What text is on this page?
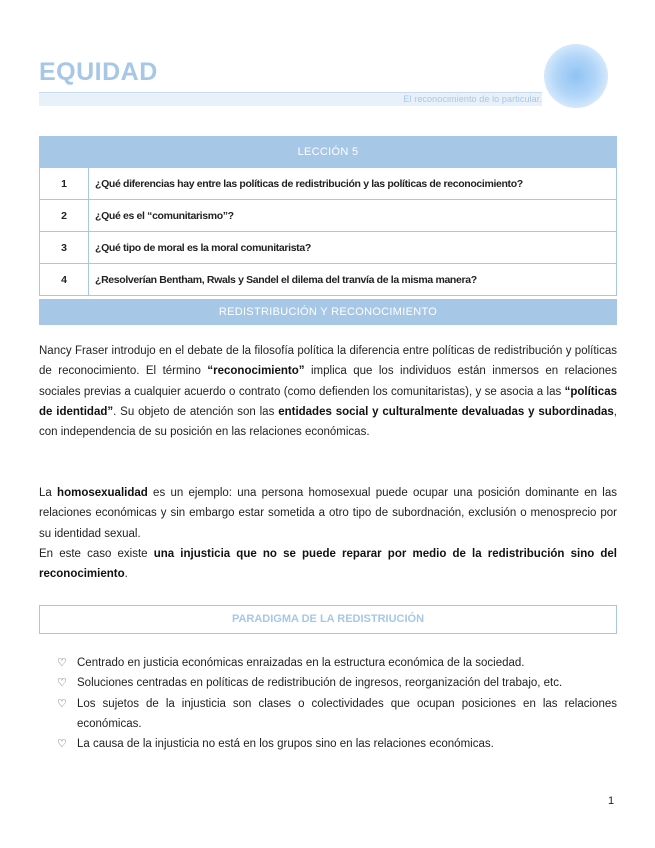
EQUIDAD
El reconocimiento de lo particular.
LECCIÓN 5	
1	¿Qué diferencias hay entre las políticas de redistribución y las políticas de reconocimiento?
2	¿Qué es el “comunitarismo”?
3	¿Qué tipo de moral es la moral comunitarista?
4	¿Resolverían Bentham, Rwals y Sandel el dilema del tranvía de la misma manera?
REDISTRIBUCIÓN Y RECONOCIMIENTO

Nancy Fraser introdujo en el debate de la filosofía política la diferencia entre políticas de redistribución y políticas de reconocimiento. El término “reconocimiento” implica que los individuos están inmersos en relaciones sociales previas a cualquier acuerdo o contrato (como defienden los comunitaristas), y se asocia a las “políticas de identidad”. Su objeto de atención son las entidades social y culturalmente devaluadas y subordinadas, con independencia de su posición en las relaciones económicas.

La homosexualidad es un ejemplo: una persona homosexual puede ocupar una posición dominante en las relaciones económicas y sin embargo estar sometida a otro tipo de subordnación, exclusión o menosprecio por su identidad sexual.
En este caso existe una injusticia que no se puede reparar por medio de la redistribución sino del reconocimiento.

PARADIGMA DE LA REDISTRIUCIÓN
♡ Centrado en justicia económicas enraizadas en la estructura económica de la sociedad.
♡ Soluciones centradas en políticas de redistribución de ingresos, reorganización del trabajo, etc.
♡ Los sujetos de la injusticia son clases o colectividades que ocupan posiciones en las relaciones económicas.
♡ La causa de la injusticia no está en los grupos sino en las relaciones económicas.
1
